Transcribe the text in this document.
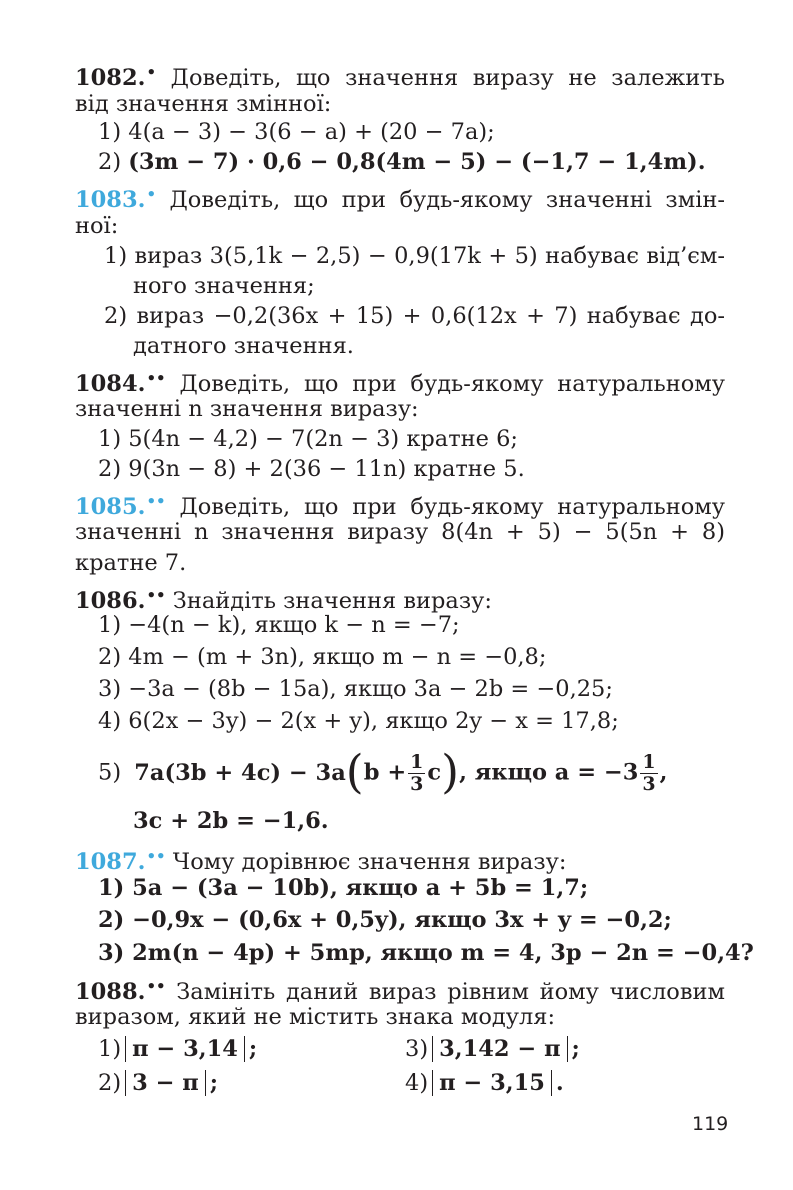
1082.• Доведіть, що значення виразу не залежить
від значення змінної:
1) 4(a − 3) − 3(6 − a) + (20 − 7a);
2) (3m − 7) · 0,6 − 0,8(4m − 5) − (−1,7 − 1,4m).
1083.• Доведіть, що при будь-якому значенні змін-
ної:
1) вираз 3(5,1k − 2,5) − 0,9(17k + 5) набуває від’єм-
ного значення;
2) вираз −0,2(36x + 15) + 0,6(12x + 7) набуває до-
датного значення.
1084.•• Доведіть, що при будь-якому натуральному
значенні n значення виразу:
1) 5(4n − 4,2) − 7(2n − 3) кратне 6;
2) 9(3n − 8) + 2(36 − 11n) кратне 5.
1085.•• Доведіть, що при будь-якому натуральному
значенні n значення виразу 8(4n + 5) − 5(5n + 8)
кратне 7.
1086.•• Знайдіть значення виразу:
1) −4(n − k), якщо k − n = −7;
2) 4m − (m + 3n), якщо m − n = −0,8;
3) −3a − (8b − 15a), якщо 3a − 2b = −0,25;
4) 6(2x − 3y) − 2(x + y), якщо 2y − x = 17,8;
5) $7a(3b + 4c) - 3a(b + \frac{1}{3} c)$, якщо $a = -3 \frac{1}{3}$ ,
3c + 2b = −1,6.
1087.•• Чому дорівнює значення виразу:
1) 5a − (3a − 10b), якщо a + 5b = 1,7;
2) −0,9x − (0,6x + 0,5y), якщо 3x + y = −0,2;
3) 2m(n − 4p) + 5mp, якщо m = 4, 3p − 2n = −0,4?
1088.•• Замініть даний вираз рівним йому числовим
виразом, який не містить знака модуля:
1) π − 3,14 ;	3) 3,142 − π ;
2) 3 − π ;	4) π − 3,15 .
119
